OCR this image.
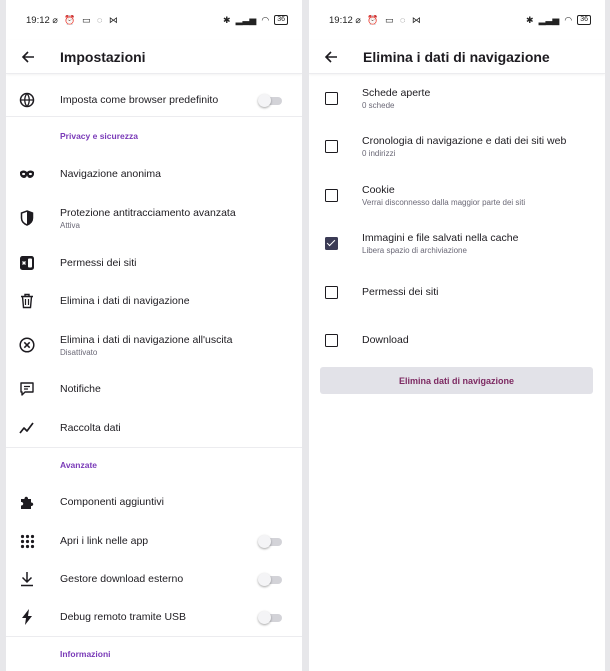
19:12 ⌀ ⏰ ▭ ◌ ⋈	✱ ▂▃▅ ◠	36
Impostazioni
Imposta come browser predefinito
Privacy e sicurezza
Navigazione anonima
Protezione antitracciamento avanzata
Attiva
Permessi dei siti
Elimina i dati di navigazione
Elimina i dati di navigazione all'uscita
Disattivato
Notifiche
Raccolta dati
Avanzate
Componenti aggiuntivi
Apri i link nelle app
Gestore download esterno
Debug remoto tramite USB
Informazioni
19:12 ⌀ ⏰ ▭ ◌ ⋈	✱ ▂▃▅ ◠	36
Elimina i dati di navigazione
Schede aperte
0 schede
Cronologia di navigazione e dati dei siti web
0 indirizzi
Cookie
Verrai disconnesso dalla maggior parte dei siti
Immagini e file salvati nella cache
Libera spazio di archiviazione
Permessi dei siti
Download
Elimina dati di navigazione
